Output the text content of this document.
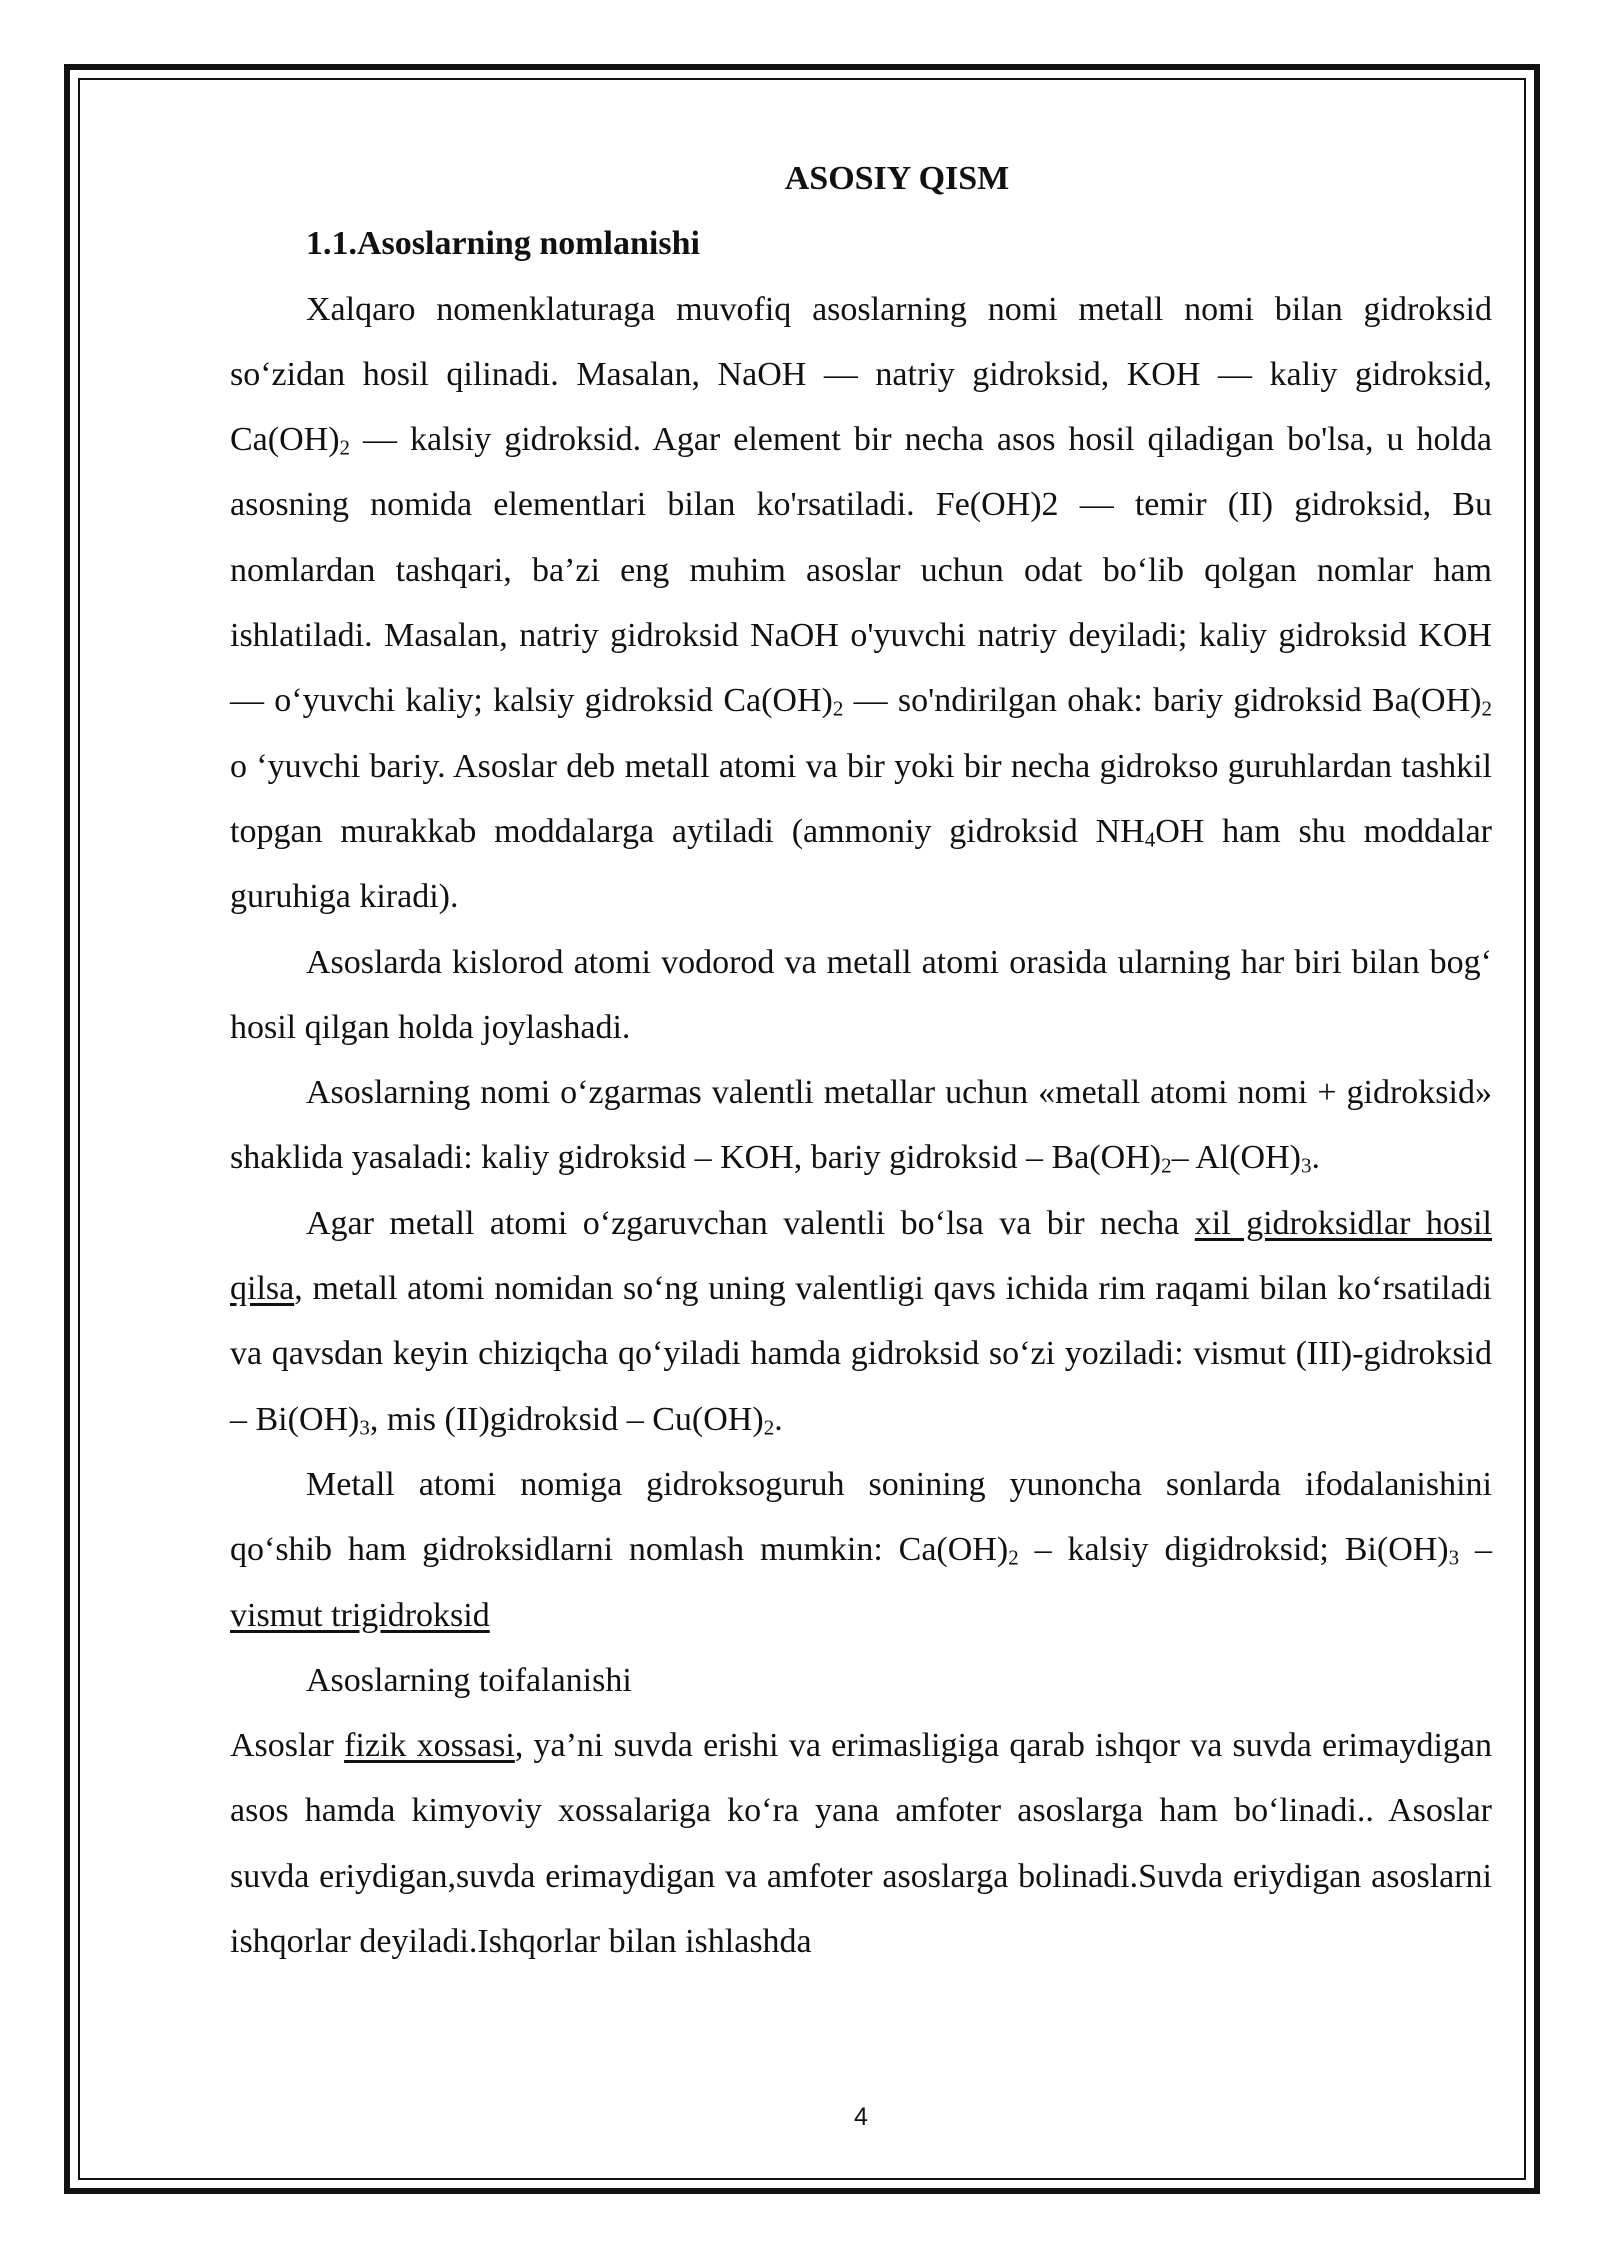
ASOSIY QISM

1.1.Asoslarning nomlanishi

Xalqaro nomenklaturaga muvofiq asoslarning nomi metall nomi bilan gidroksid so‘zidan hosil qilinadi. Masalan, NaOH — natriy gidroksid, KOH — kaliy gidroksid, $Ca(OH)_2$ — kalsiy gidroksid. Agar element bir necha asos hosil qiladigan bo'lsa, u holda asosning nomida elementlari bilan ko'rsatiladi. Fe(OH)2 — temir (II) gidroksid, Bu nomlardan tashqari, ba’zi eng muhim asoslar uchun odat bo‘lib qolgan nomlar ham ishlatiladi. Masalan, natriy gidroksid NaOH o'yuvchi natriy deyiladi; kaliy gidroksid KOH — o‘yuvchi kaliy; kalsiy gidroksid $Ca(OH)_2$ — so'ndirilgan ohak: bariy gidroksid $Ba(OH)_2$ o ‘yuvchi bariy. Asoslar deb metall atomi va bir yoki bir necha gidrokso guruhlardan tashkil topgan murakkab moddalarga aytiladi (ammoniy gidroksid $NH_4OH$ ham shu moddalar guruhiga kiradi).

Asoslarda kislorod atomi vodorod va metall atomi orasida ularning har biri bilan bog‘ hosil qilgan holda joylashadi.

Asoslarning nomi o‘zgarmas valentli metallar uchun «metall atomi nomi + gidroksid» shaklida yasaladi: kaliy gidroksid – KOH, bariy gidroksid – $Ba(OH)_2-$ $Al(OH)_3$.

Agar metall atomi o‘zgaruvchan valentli bo‘lsa va bir necha xil gidroksidlar hosil qilsa, metall atomi nomidan so‘ng uning valentligi qavs ichida rim raqami bilan ko‘rsatiladi va qavsdan keyin chiziqcha qo‘yiladi hamda gidroksid so‘zi yoziladi: vismut (III)-gidroksid – $Bi(OH)_3$, mis (II)gidroksid – $Cu(OH)_2$.

Metall atomi nomiga gidroksoguruh sonining yunoncha sonlarda ifodalanishini qo‘shib ham gidroksidlarni nomlash mumkin: $Ca(OH)_2$ – kalsiy digidroksid; $Bi(OH)_3$ – vismut trigidroksid

Asoslarning toifalanishi

Asoslar fizik xossasi, ya’ni suvda erishi va erimasligiga qarab ishqor va suvda erimaydigan asos hamda kimyoviy xossalariga ko‘ra yana amfoter asoslarga ham bo‘linadi.. Asoslar suvda eriydigan,suvda erimaydigan va amfoter asoslarga bolinadi.Suvda eriydigan asoslarni ishqorlar deyiladi.Ishqorlar bilan ishlashda

4
